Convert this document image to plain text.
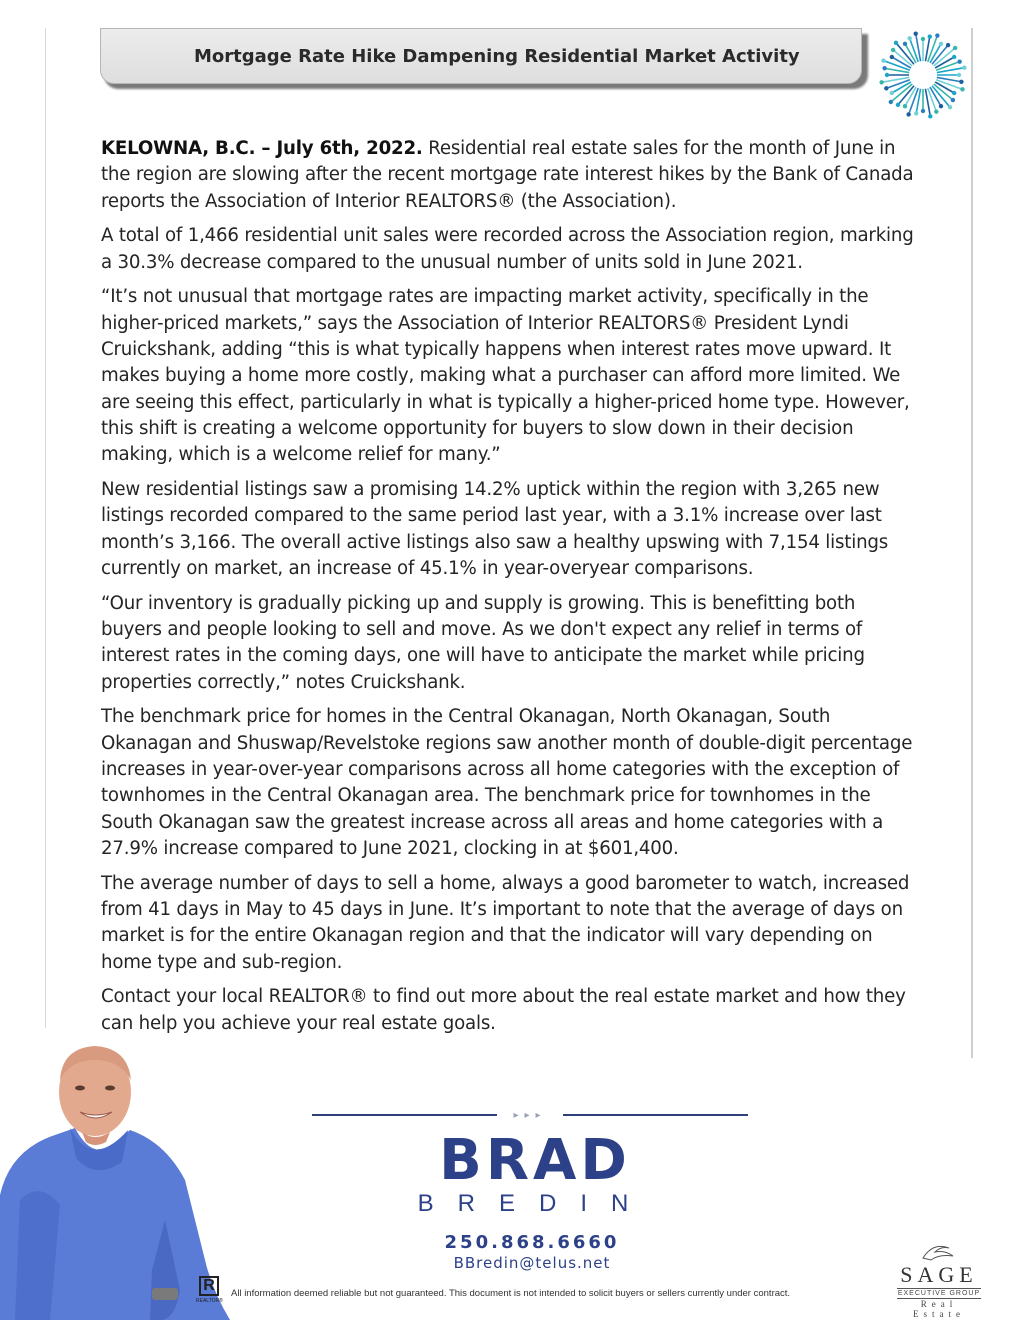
Mortgage Rate Hike Dampening Residential Market Activity

KELOWNA, B.C. – July 6th, 2022. Residential real estate sales for the month of June in the region are slowing after the recent mortgage rate interest hikes by the Bank of Canada reports the Association of Interior REALTORS® (the Association).

A total of 1,466 residential unit sales were recorded across the Association region, marking a 30.3% decrease compared to the unusual number of units sold in June 2021.

“It’s not unusual that mortgage rates are impacting market activity, specifically in the higher-priced markets,” says the Association of Interior REALTORS® President Lyndi Cruickshank, adding “this is what typically happens when interest rates move upward. It makes buying a home more costly, making what a purchaser can afford more limited. We are seeing this effect, particularly in what is typically a higher-priced home type. However, this shift is creating a welcome opportunity for buyers to slow down in their decision making, which is a welcome relief for many.”

New residential listings saw a promising 14.2% uptick within the region with 3,265 new listings recorded compared to the same period last year, with a 3.1% increase over last month’s 3,166. The overall active listings also saw a healthy upswing with 7,154 listings currently on market, an increase of 45.1% in year-overyear comparisons.

“Our inventory is gradually picking up and supply is growing. This is benefitting both buyers and people looking to sell and move. As we don't expect any relief in terms of interest rates in the coming days, one will have to anticipate the market while pricing properties correctly,” notes Cruickshank.

The benchmark price for homes in the Central Okanagan, North Okanagan, South Okanagan and Shuswap/Revelstoke regions saw another month of double-digit percentage increases in year-over-year comparisons across all home categories with the exception of townhomes in the Central Okanagan area. The benchmark price for townhomes in the South Okanagan saw the greatest increase across all areas and home categories with a 27.9% increase compared to June 2021, clocking in at $601,400.

The average number of days to sell a home, always a good barometer to watch, increased from 41 days in May to 45 days in June. It’s important to note that the average of days on market is for the entire Okanagan region and that the indicator will vary depending on home type and sub-region.

Contact your local REALTOR® to find out more about the real estate market and how they can help you achieve your real estate goals.

▸▸▸
BRAD
BREDIN
250.868.6660
BBredin@telus.net
R
REALTOR®
All information deemed reliable but not guaranteed. This document is not intended to solicit buyers or sellers currently under contract.
SAGE
EXECUTIVE GROUP
Real Estate
